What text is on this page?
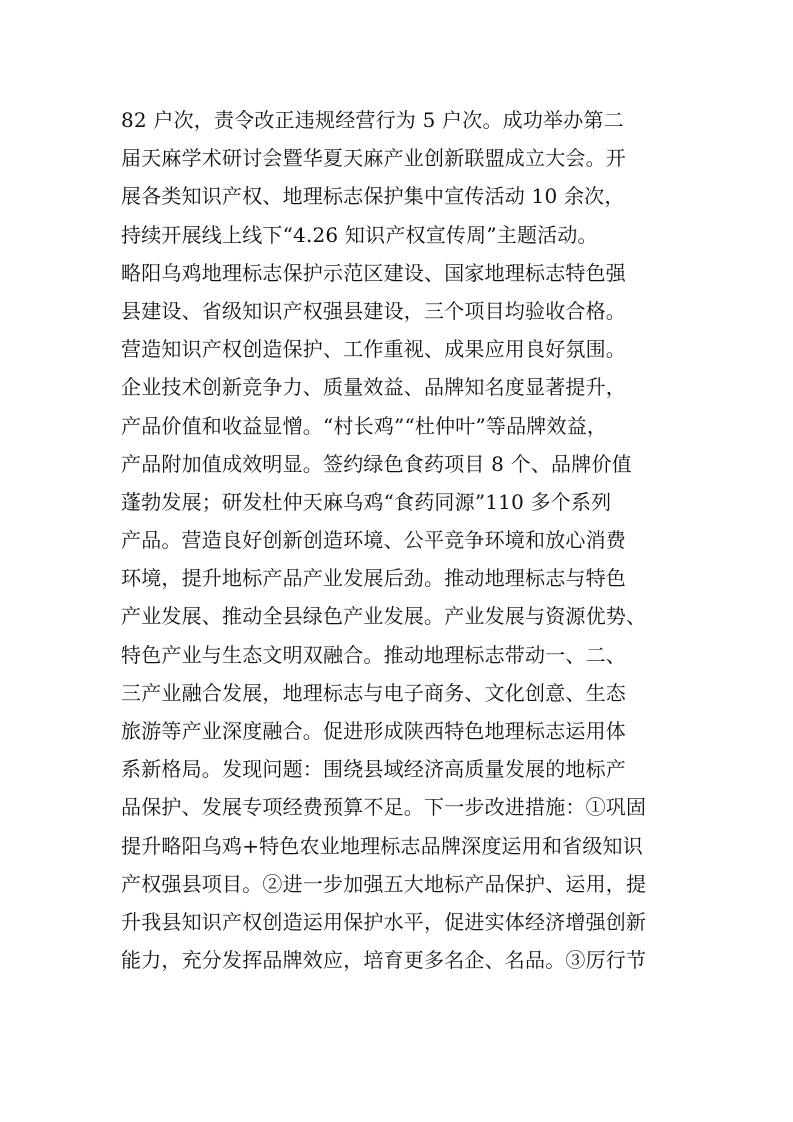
82 户次，责令改正违规经营行为 5 户次。成功举办第二
届天麻学术研讨会暨华夏天麻产业创新联盟成立大会。开
展各类知识产权、地理标志保护集中宣传活动 10 余次，
持续开展线上线下“4.26 知识产权宣传周”主题活动。
略阳乌鸡地理标志保护示范区建设、国家地理标志特色强
县建设、省级知识产权强县建设，三个项目均验收合格。
营造知识产权创造保护、工作重视、成果应用良好氛围。
企业技术创新竞争力、质量效益、品牌知名度显著提升，
产品价值和收益显憎。“村长鸡”“杜仲叶”等品牌效益，
产品附加值成效明显。签约绿色食药项目 8 个、品牌价值
蓬勃发展；研发杜仲天麻乌鸡“食药同源”110 多个系列
产品。营造良好创新创造环境、公平竞争环境和放心消费
环境，提升地标产品产业发展后劲。推动地理标志与特色
产业发展、推动全县绿色产业发展。产业发展与资源优势、
特色产业与生态文明双融合。推动地理标志带动一、二、
三产业融合发展，地理标志与电子商务、文化创意、生态
旅游等产业深度融合。促进形成陕西特色地理标志运用体
系新格局。发现问题：围绕县域经济高质量发展的地标产
品保护、发展专项经费预算不足。下一步改进措施：①巩固
提升略阳乌鸡+特色农业地理标志品牌深度运用和省级知识
产权强县项目。②进一步加强五大地标产品保护、运用，提
升我县知识产权创造运用保护水平，促进实体经济增强创新
能力，充分发挥品牌效应，培育更多名企、名品。③厉行节
